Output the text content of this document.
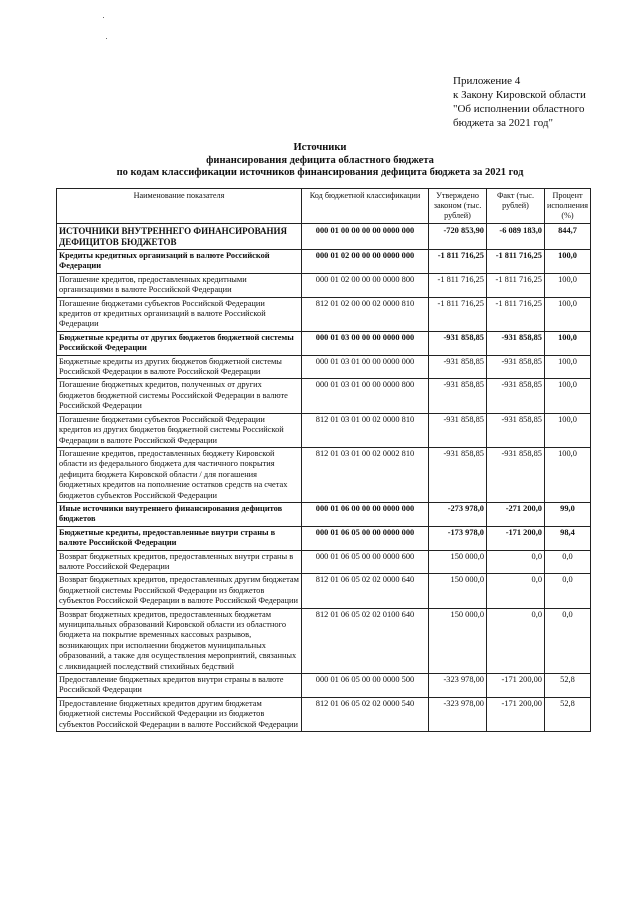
Приложение 4
к Закону Кировской области
"Об исполнении областного
бюджета за 2021 год"
Источники
финансирования дефицита областного бюджета
по кодам классификации источников финансирования дефицита бюджета за 2021 год
Наименование показателя	Код бюджетной классификации	Утверждено законом (тыс. рублей)	Факт (тыс. рублей)	Процент исполнения (%)
ИСТОЧНИКИ ВНУТРЕННЕГО ФИНАНСИРОВАНИЯ ДЕФИЦИТОВ БЮДЖЕТОВ	000 01 00 00 00 00 0000 000	-720 853,90	-6 089 183,0	844,7
Кредиты кредитных организаций в валюте Российской Федерации	000 01 02 00 00 00 0000 000	-1 811 716,25	-1 811 716,25	100,0
Погашение кредитов, предоставленных кредитными организациями в валюте Российской Федерации	000 01 02 00 00 00 0000 800	-1 811 716,25	-1 811 716,25	100,0
Погашение бюджетами субъектов Российской Федерации кредитов от кредитных организаций в валюте Российской Федерации	812 01 02 00 00 02 0000 810	-1 811 716,25	-1 811 716,25	100,0
Бюджетные кредиты от других бюджетов бюджетной системы Российской Федерации	000 01 03 00 00 00 0000 000	-931 858,85	-931 858,85	100,0
Бюджетные кредиты из других бюджетов бюджетной системы Российской Федерации в валюте Российской Федерации	000 01 03 01 00 00 0000 000	-931 858,85	-931 858,85	100,0
Погашение бюджетных кредитов, полученных от других бюджетов бюджетной системы Российской Федерации в валюте Российской Федерации	000 01 03 01 00 00 0000 800	-931 858,85	-931 858,85	100,0
Погашение бюджетами субъектов Российской Федерации кредитов из других бюджетов бюджетной системы Российской Федерации в валюте Российской Федерации	812 01 03 01 00 02 0000 810	-931 858,85	-931 858,85	100,0
Погашение кредитов, предоставленных бюджету Кировской области из федерального бюджета для частичного покрытия дефицита бюджета Кировской области / для погашения бюджетных кредитов на пополнение остатков средств на счетах бюджетов субъектов Российской Федерации	812 01 03 01 00 02 0002 810	-931 858,85	-931 858,85	100,0
Иные источники внутреннего финансирования дефицитов бюджетов	000 01 06 00 00 00 0000 000	-273 978,0	-271 200,0	99,0
Бюджетные кредиты, предоставленные внутри страны в валюте Российской Федерации	000 01 06 05 00 00 0000 000	-173 978,0	-171 200,0	98,4
Возврат бюджетных кредитов, предоставленных внутри страны в валюте Российской Федерации	000 01 06 05 00 00 0000 600	150 000,0	0,0	0,0
Возврат бюджетных кредитов, предоставленных другим бюджетам бюджетной системы Российской Федерации из бюджетов субъектов Российской Федерации в валюте Российской Федерации	812 01 06 05 02 02 0000 640	150 000,0	0,0	0,0
Возврат бюджетных кредитов, предоставленных бюджетам муниципальных образований Кировской области из областного бюджета на покрытие временных кассовых разрывов, возникающих при исполнении бюджетов муниципальных образований, а также для осуществления мероприятий, связанных с ликвидацией последствий стихийных бедствий	812 01 06 05 02 02 0100 640	150 000,0	0,0	0,0
Предоставление бюджетных кредитов внутри страны в валюте Российской Федерации	000 01 06 05 00 00 0000 500	-323 978,00	-171 200,00	52,8
Предоставление бюджетных кредитов другим бюджетам бюджетной системы Российской Федерации из бюджетов субъектов Российской Федерации в валюте Российской Федерации	812 01 06 05 02 02 0000 540	-323 978,00	-171 200,00	52,8
